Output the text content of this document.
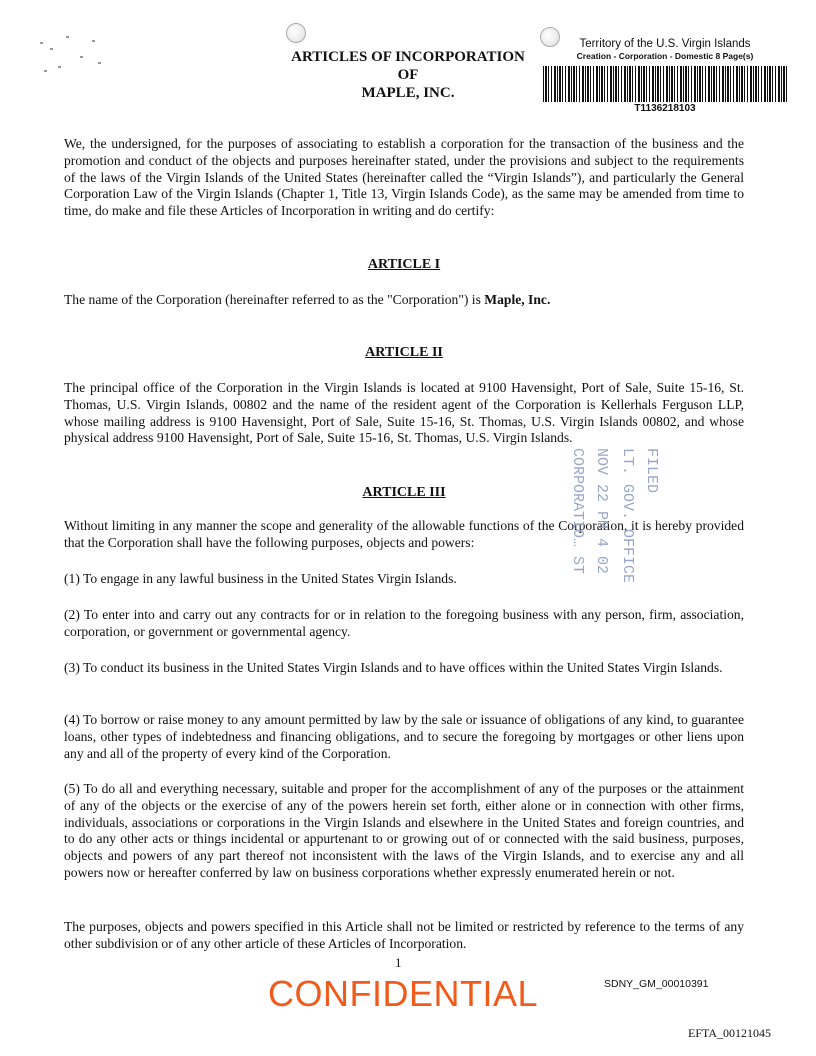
ARTICLES OF INCORPORATION
OF
MAPLE, INC.
Territory of the U.S. Virgin Islands
Creation - Corporation - Domestic 8 Page(s)
T1136218103

We, the undersigned, for the purposes of associating to establish a corporation for the transaction of the business and the promotion and conduct of the objects and purposes hereinafter stated, under the provisions and subject to the requirements of the laws of the Virgin Islands of the United States (hereinafter called the “Virgin Islands”), and particularly the General Corporation Law of the Virgin Islands (Chapter 1, Title 13, Virgin Islands Code), as the same may be amended from time to time, do make and file these Articles of Incorporation in writing and do certify:

ARTICLE I

The name of the Corporation (hereinafter referred to as the "Corporation") is Maple, Inc.

ARTICLE II

The principal office of the Corporation in the Virgin Islands is located at 9100 Havensight, Port of Sale, Suite 15-16, St. Thomas, U.S. Virgin Islands, 00802 and the name of the resident agent of the Corporation is Kellerhals Ferguson LLP, whose mailing address is 9100 Havensight, Port of Sale, Suite 15-16, St. Thomas, U.S. Virgin Islands 00802, and whose physical address 9100 Havensight, Port of Sale, Suite 15-16, St. Thomas, U.S. Virgin Islands.

ARTICLE III

Without limiting in any manner the scope and generality of the allowable functions of the Corporation, it is hereby provided that the Corporation shall have the following purposes, objects and powers:

(1) To engage in any lawful business in the United States Virgin Islands.

(2) To enter into and carry out any contracts for or in relation to the foregoing business with any person, firm, association, corporation, or government or governmental agency.

(3) To conduct its business in the United States Virgin Islands and to have offices within the United States Virgin Islands.

(4) To borrow or raise money to any amount permitted by law by the sale or issuance of obligations of any kind, to guarantee loans, other types of indebtedness and financing obligations, and to secure the foregoing by mortgages or other liens upon any and all of the property of every kind of the Corporation.

(5) To do all and everything necessary, suitable and proper for the accomplishment of any of the purposes or the attainment of any of the objects or the exercise of any of the powers herein set forth, either alone or in connection with other firms, individuals, associations or corporations in the Virgin Islands and elsewhere in the United States and foreign countries, and to do any other acts or things incidental or appurtenant to or growing out of or connected with the said business, purposes, objects and powers of any part thereof not inconsistent with the laws of the Virgin Islands, and to exercise any and all powers now or hereafter conferred by law on business corporations whether expressly enumerated herein or not.

The purposes, objects and powers specified in this Article shall not be limited or restricted by reference to the terms of any other subdivision or of any other article of these Articles of Incorporation.

CORPORATIO… ST NOV 22 PM 4 02 LT. GOV. OFFICE FILED
1
CONFIDENTIAL	SDNY_GM_00010391
EFTA_00121045
